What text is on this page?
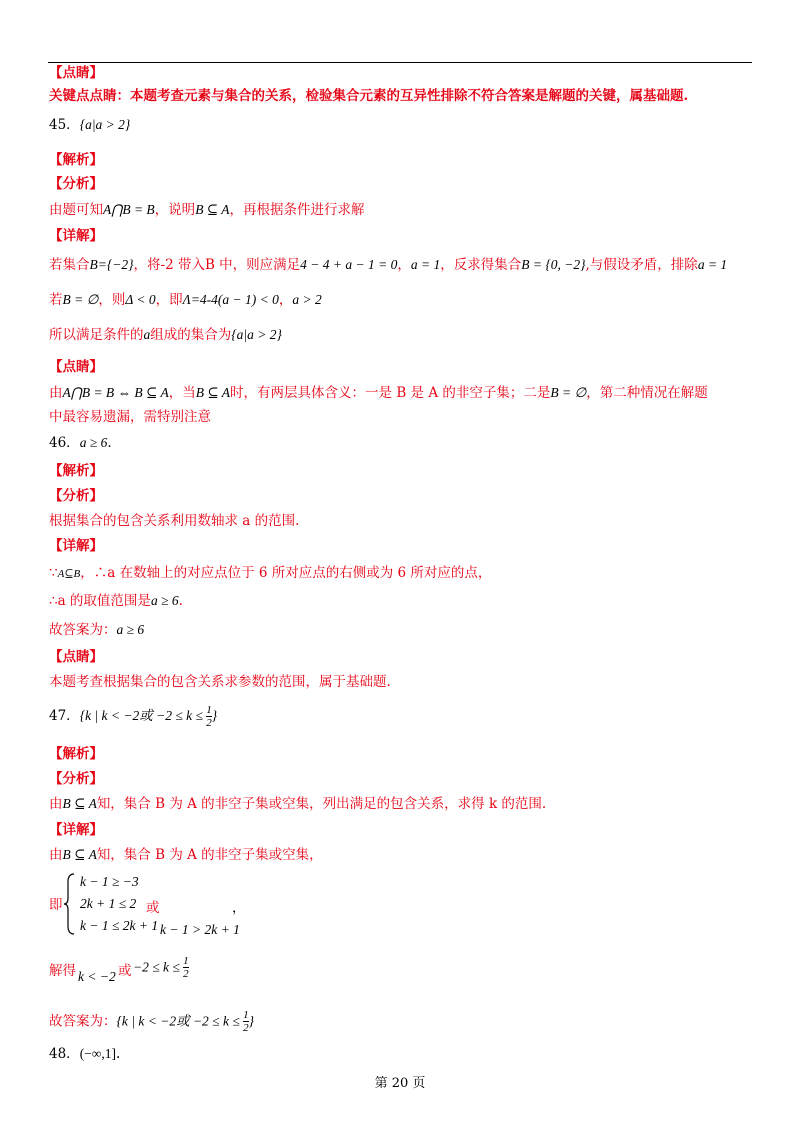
【点睛】
关键点点睛：本题考查元素与集合的关系，检验集合元素的互异性排除不符合答案是解题的关键，属基础题.
45．{a|a > 2}
【解析】
【分析】
由题可知A⋂B = B，说明B ⊆ A，再根据条件进行求解
【详解】
若集合B={−2}，将-2 带入B 中，则应满足4 − 4 + a − 1 = 0，a = 1，反求得集合B = {0, −2},与假设矛盾，排除a = 1
若B = ∅，则Δ < 0，即Λ=4-4(a − 1) < 0，a > 2
所以满足条件的a组成的集合为{a|a > 2}
【点睛】
由A⋂B = B ⇔ B ⊆ A，当B ⊆ A时，有两层具体含义：一是 B 是 A 的非空子集；二是B = ∅，第二种情况在解题
中最容易遗漏，需特别注意
46．a ≥ 6.
【解析】
【分析】
根据集合的包含关系利用数轴求 a 的范围.
【详解】
∵A⊆B，∴a 在数轴上的对应点位于 6 所对应点的右侧或为 6 所对应的点，
∴a 的取值范围是a ≥ 6.
故答案为：a ≥ 6
【点睛】
本题考查根据集合的包含关系求参数的范围，属于基础题.
47．{k | k < −2或 $-2 \le k \le \frac{1}{2}$ }
【解析】
【分析】
由B ⊆ A知，集合 B 为 A 的非空子集或空集，列出满足的包含关系，求得 k 的范围.
【详解】
由B ⊆ A知，集合 B 为 A 的非空子集或空集，
即
k − 1 ≥ −3
2k + 1 ≤ 2
k − 1 ≤ 2k + 1
或
k − 1 > 2k + 1
，
解得 k < −2 或 $-2 \le k \le \frac{1}{2}$
故答案为：{k | k < −2或 $-2 \le k \le \frac{1}{2}$ }
48．(−∞,1].
第 20 页
